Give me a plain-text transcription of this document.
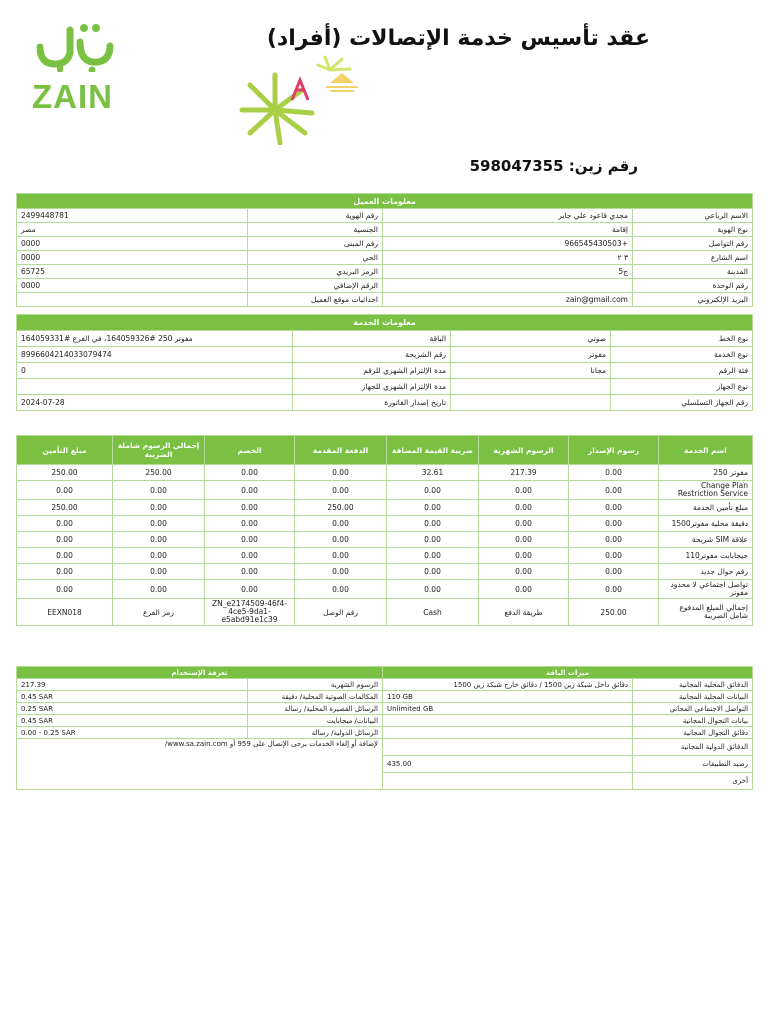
ZAIN
عقد تأسيس خدمة الإتصالات (أفراد)
رقم زين: 598047355
معلومات العميل			
الاسم الرباعي	مجدي قاعود علي جابر	رقم الهوية	2499448781
نوع الهوية	إقامة	الجنسية	مصر
رقم التواصل	+966545430503	رقم المبنى	0000
اسم الشارع	٣ ٢	الحي	0000
المدينة	ج5	الرمز البريدي	65725
رقم الوحدة		الرقم الإضافي	0000
البريد الإلكتروني	zain@gmail.com	احداثيات موقع العميل	
معلومات الخدمة			
نوع الخط	صوتي	الباقة	مفوتر 250 #164059326، في الفرع #164059331
نوع الخدمة	مفوتر	رقم الشريحة	8996604214033079474
فئة الرقم	مجانا	مدة الإلتزام الشهري للرقم	0
نوع الجهاز		مدة الإلتزام الشهري للجهاز	
رقم الجهاز التسلسلي		تاريخ إصدار الفاتورة	2024-07-28
اسم الخدمة	رسوم الإصدار	الرسوم الشهرية	ضريبة القيمة المضافة	الدفعة المقدمة	الخصم	إجمالي الرسوم شاملة الضريبة	مبلغ التأمين
مفوتر 250	0.00	217.39	32.61	0.00	0.00	250.00	250.00
Change Plan Restriction Service	0.00	0.00	0.00	0.00	0.00	0.00	0.00
مبلغ تأمين الخدمة	0.00	0.00	0.00	250.00	0.00	0.00	250.00
دقيقة محلية مفوتر1500	0.00	0.00	0.00	0.00	0.00	0.00	0.00
علاقة SIM شريحة	0.00	0.00	0.00	0.00	0.00	0.00	0.00
جيجابايت مفوتر110	0.00	0.00	0.00	0.00	0.00	0.00	0.00
رقم جوال جديد	0.00	0.00	0.00	0.00	0.00	0.00	0.00
تواصل اجتماعي لا محدود مفوتر	0.00	0.00	0.00	0.00	0.00	0.00	0.00
إجمالي المبلغ المدفوع شامل الضريبة	250.00	طريقة الدفع	Cash	رقم الوصل	ZN_e2174509-46f4-4ce5-9da1-e5abd91e1c39	رمز الفرع	EEXN018
ميزات الباقة		تعرفة الإستخدام	
الدقائق المحلية المجانية	دقائق داخل شبكة زين 1500 / دقائق خارج شبكة زين 1500	الرسوم الشهرية	217.39
البيانات المحلية المجانية	110 GB	المكالمات الصوتية المحلية/ دقيقة	0.45 SAR
التواصل الاجتماعي المجاني	Unlimited GB	الرسائل القصيرة المحلية/ رسالة	0.25 SAR
بيانات التجوال المجانية		البيانات/ ميجابايت	0.45 SAR
دقائق التجوال المجانية		الرسائل الدولية/ رسالة	0.00 - 0.25 SAR
الدقائق الدولية المجانية		لإضافة أو إلغاء الخدمات يرجى الإتصال على 959 أو www.sa.zain.com/	
رصيد التطبيقات	435.00		
أخرى			
